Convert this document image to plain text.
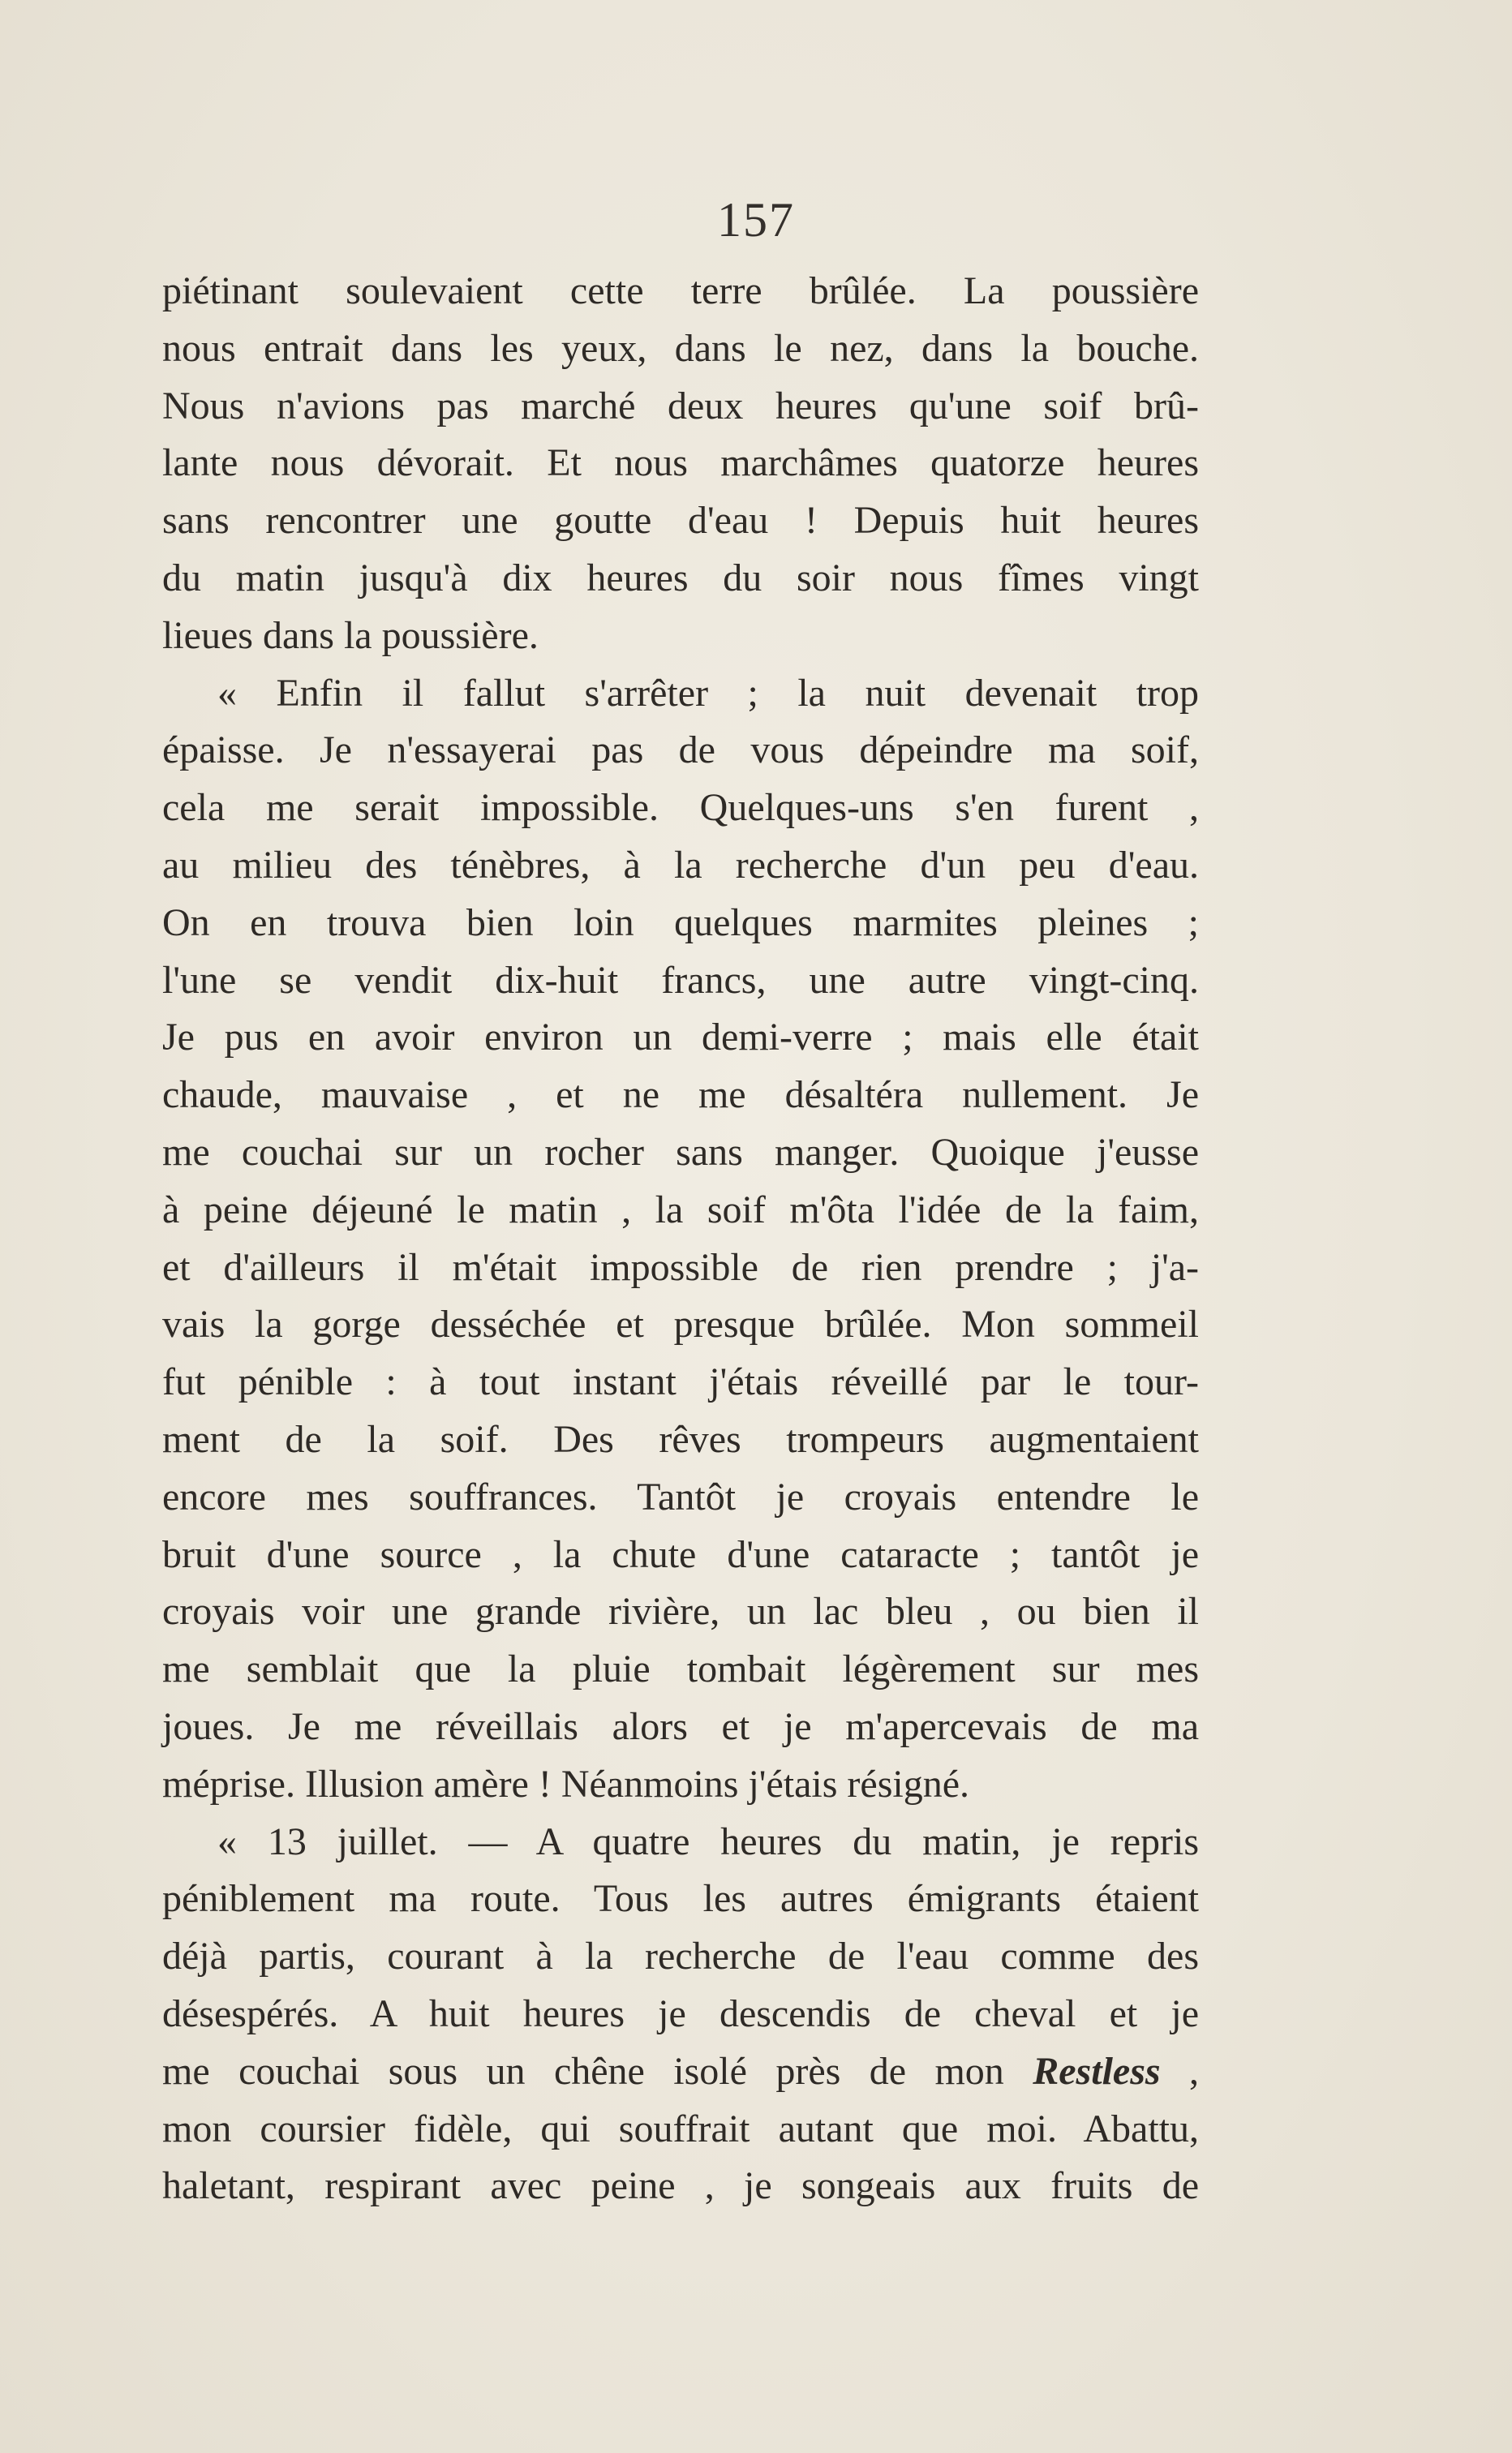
157
piétinant soulevaient cette terre brûlée. La poussière
nous entrait dans les yeux, dans le nez, dans la bouche.
Nous n'avions pas marché deux heures qu'une soif brû-
lante nous dévorait. Et nous marchâmes quatorze heures
sans rencontrer une goutte d'eau ! Depuis huit heures
du matin jusqu'à dix heures du soir nous fîmes vingt
lieues dans la poussière.
« Enfin il fallut s'arrêter ; la nuit devenait trop
épaisse. Je n'essayerai pas de vous dépeindre ma soif,
cela me serait impossible. Quelques-uns s'en furent ,
au milieu des ténèbres, à la recherche d'un peu d'eau.
On en trouva bien loin quelques marmites pleines ;
l'une se vendit dix-huit francs, une autre vingt-cinq.
Je pus en avoir environ un demi-verre ; mais elle était
chaude, mauvaise , et ne me désaltéra nullement. Je
me couchai sur un rocher sans manger. Quoique j'eusse
à peine déjeuné le matin , la soif m'ôta l'idée de la faim,
et d'ailleurs il m'était impossible de rien prendre ; j'a-
vais la gorge desséchée et presque brûlée. Mon sommeil
fut pénible : à tout instant j'étais réveillé par le tour-
ment de la soif. Des rêves trompeurs augmentaient
encore mes souffrances. Tantôt je croyais entendre le
bruit d'une source , la chute d'une cataracte ; tantôt je
croyais voir une grande rivière, un lac bleu , ou bien il
me semblait que la pluie tombait légèrement sur mes
joues. Je me réveillais alors et je m'apercevais de ma
méprise. Illusion amère ! Néanmoins j'étais résigné.
« 13 juillet. — A quatre heures du matin, je repris
péniblement ma route. Tous les autres émigrants étaient
déjà partis, courant à la recherche de l'eau comme des
désespérés. A huit heures je descendis de cheval et je
me couchai sous un chêne isolé près de mon Restless ,
mon coursier fidèle, qui souffrait autant que moi. Abattu,
haletant, respirant avec peine , je songeais aux fruits de
